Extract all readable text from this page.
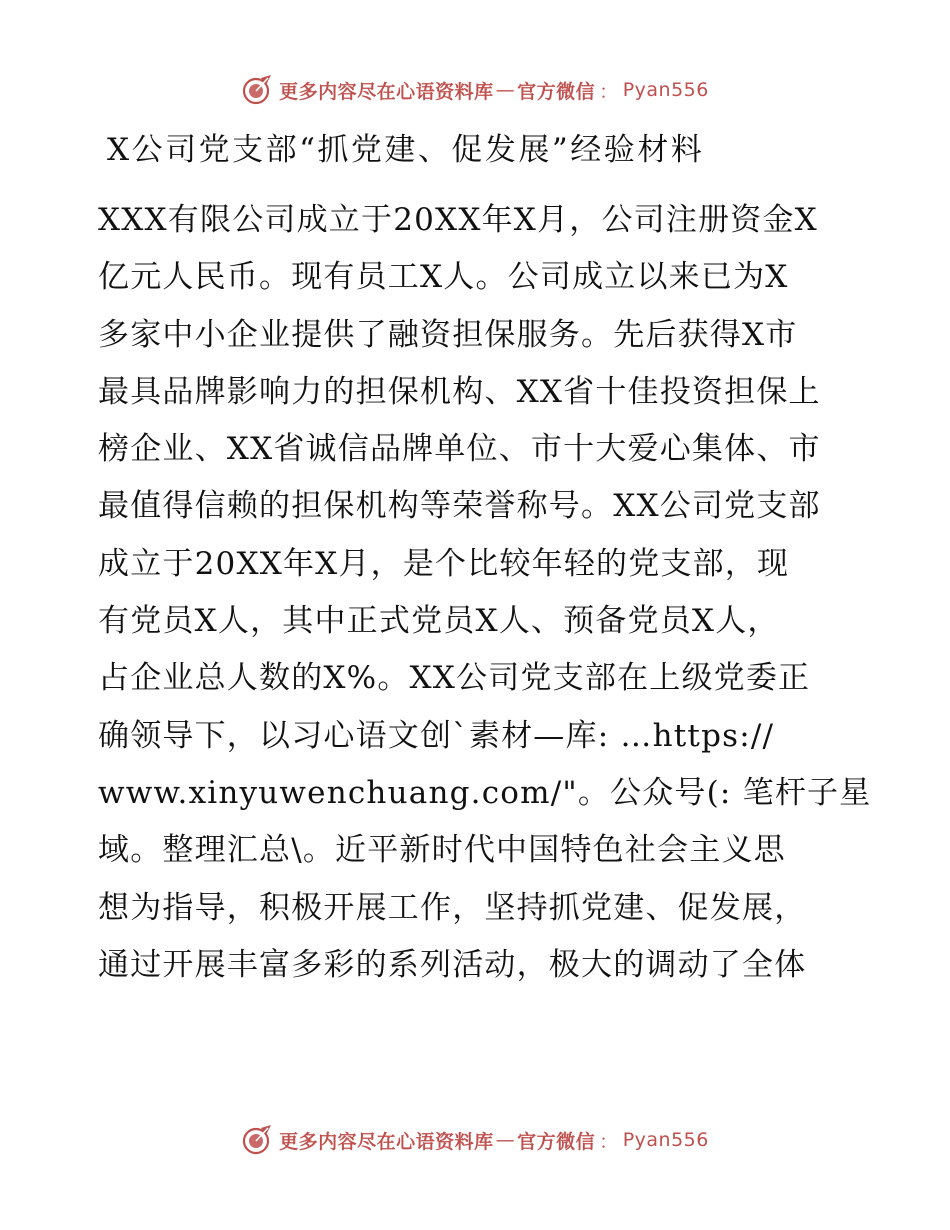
更多内容尽在心语资料库 — 官方微信 ： Pyan556
X公司党支部“抓党建、促发展”经验材料
XXX有限公司成立于20XX年X月，公司注册资金X
亿元人民币。现有员工X人。公司成立以来已为X
多家中小企业提供了融资担保服务。先后获得X市
最具品牌影响力的担保机构、XX省十佳投资担保上
榜企业、XX省诚信品牌单位、市十大爱心集体、市
最值得信赖的担保机构等荣誉称号。XX公司党支部
成立于20XX年X月，是个比较年轻的党支部，现
有党员X人，其中正式党员X人、预备党员X人，
占企业总人数的X%。XX公司党支部在上级党委正
确领导下，以习心语文创`素材—库: …https://
www.xinyuwenchuang.com/"。公众号(: 笔杆子星
域。整理汇总\。近平新时代中国特色社会主义思
想为指导，积极开展工作，坚持抓党建、促发展，
通过开展丰富多彩的系列活动，极大的调动了全体
更多内容尽在心语资料库 — 官方微信 ： Pyan556
